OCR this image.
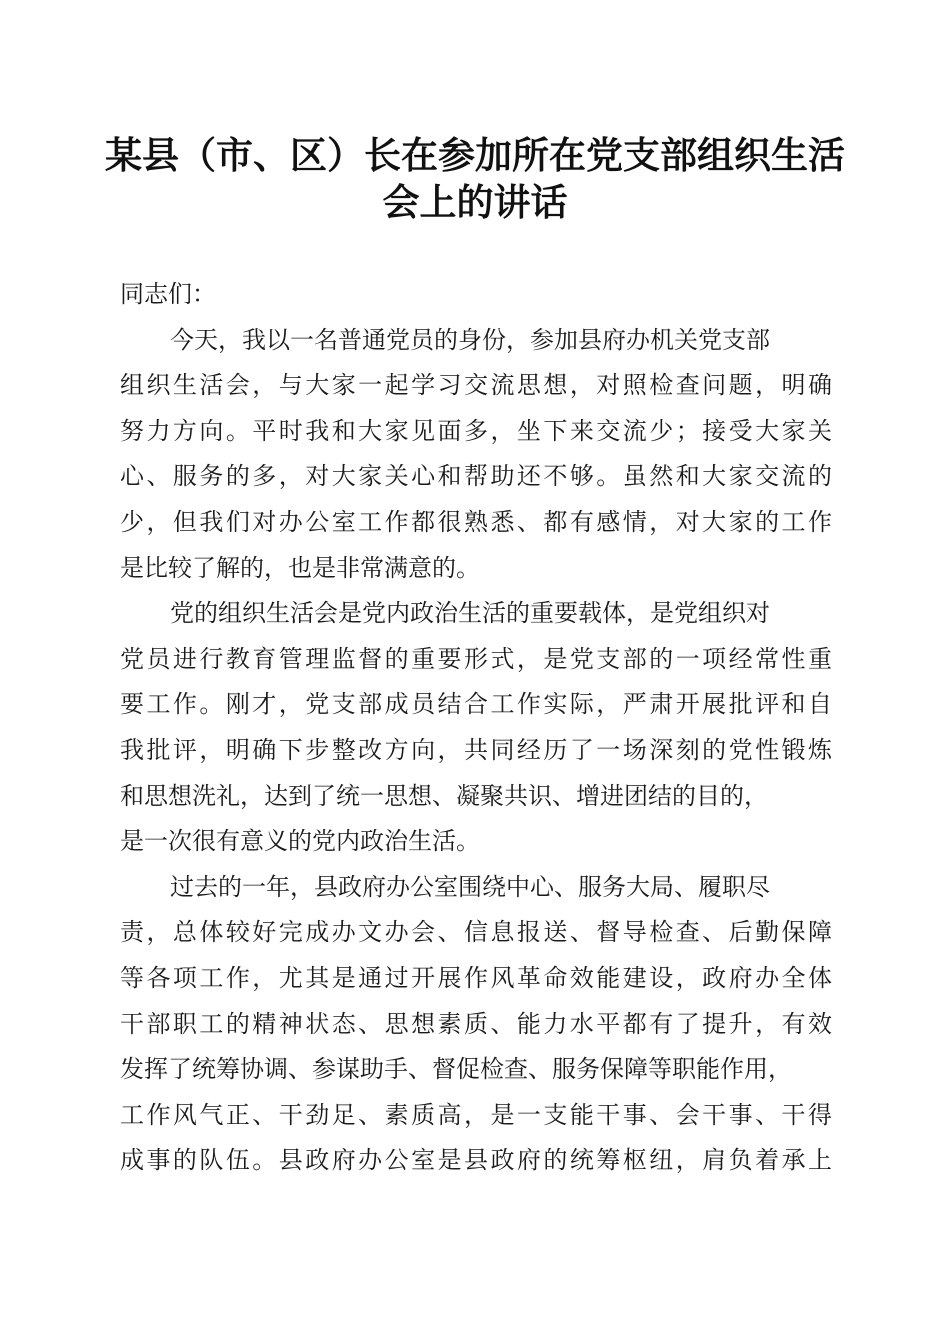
某县（市、区）长在参加所在党支部组织生活
会上的讲话
同志们：
今天，我以一名普通党员的身份，参加县府办机关党支部
组织生活会，与大家一起学习交流思想，对照检查问题，明确
努力方向。平时我和大家见面多，坐下来交流少；接受大家关
心、服务的多，对大家关心和帮助还不够。虽然和大家交流的
少，但我们对办公室工作都很熟悉、都有感情，对大家的工作
是比较了解的，也是非常满意的。
党的组织生活会是党内政治生活的重要载体，是党组织对
党员进行教育管理监督的重要形式，是党支部的一项经常性重
要工作。刚才，党支部成员结合工作实际，严肃开展批评和自
我批评，明确下步整改方向，共同经历了一场深刻的党性锻炼
和思想洗礼，达到了统一思想、凝聚共识、增进团结的目的，
是一次很有意义的党内政治生活。
过去的一年，县政府办公室围绕中心、服务大局、履职尽
责，总体较好完成办文办会、信息报送、督导检查、后勤保障
等各项工作，尤其是通过开展作风革命效能建设，政府办全体
干部职工的精神状态、思想素质、能力水平都有了提升，有效
发挥了统筹协调、参谋助手、督促检查、服务保障等职能作用，
工作风气正、干劲足、素质高，是一支能干事、会干事、干得
成事的队伍。县政府办公室是县政府的统筹枢纽，肩负着承上
